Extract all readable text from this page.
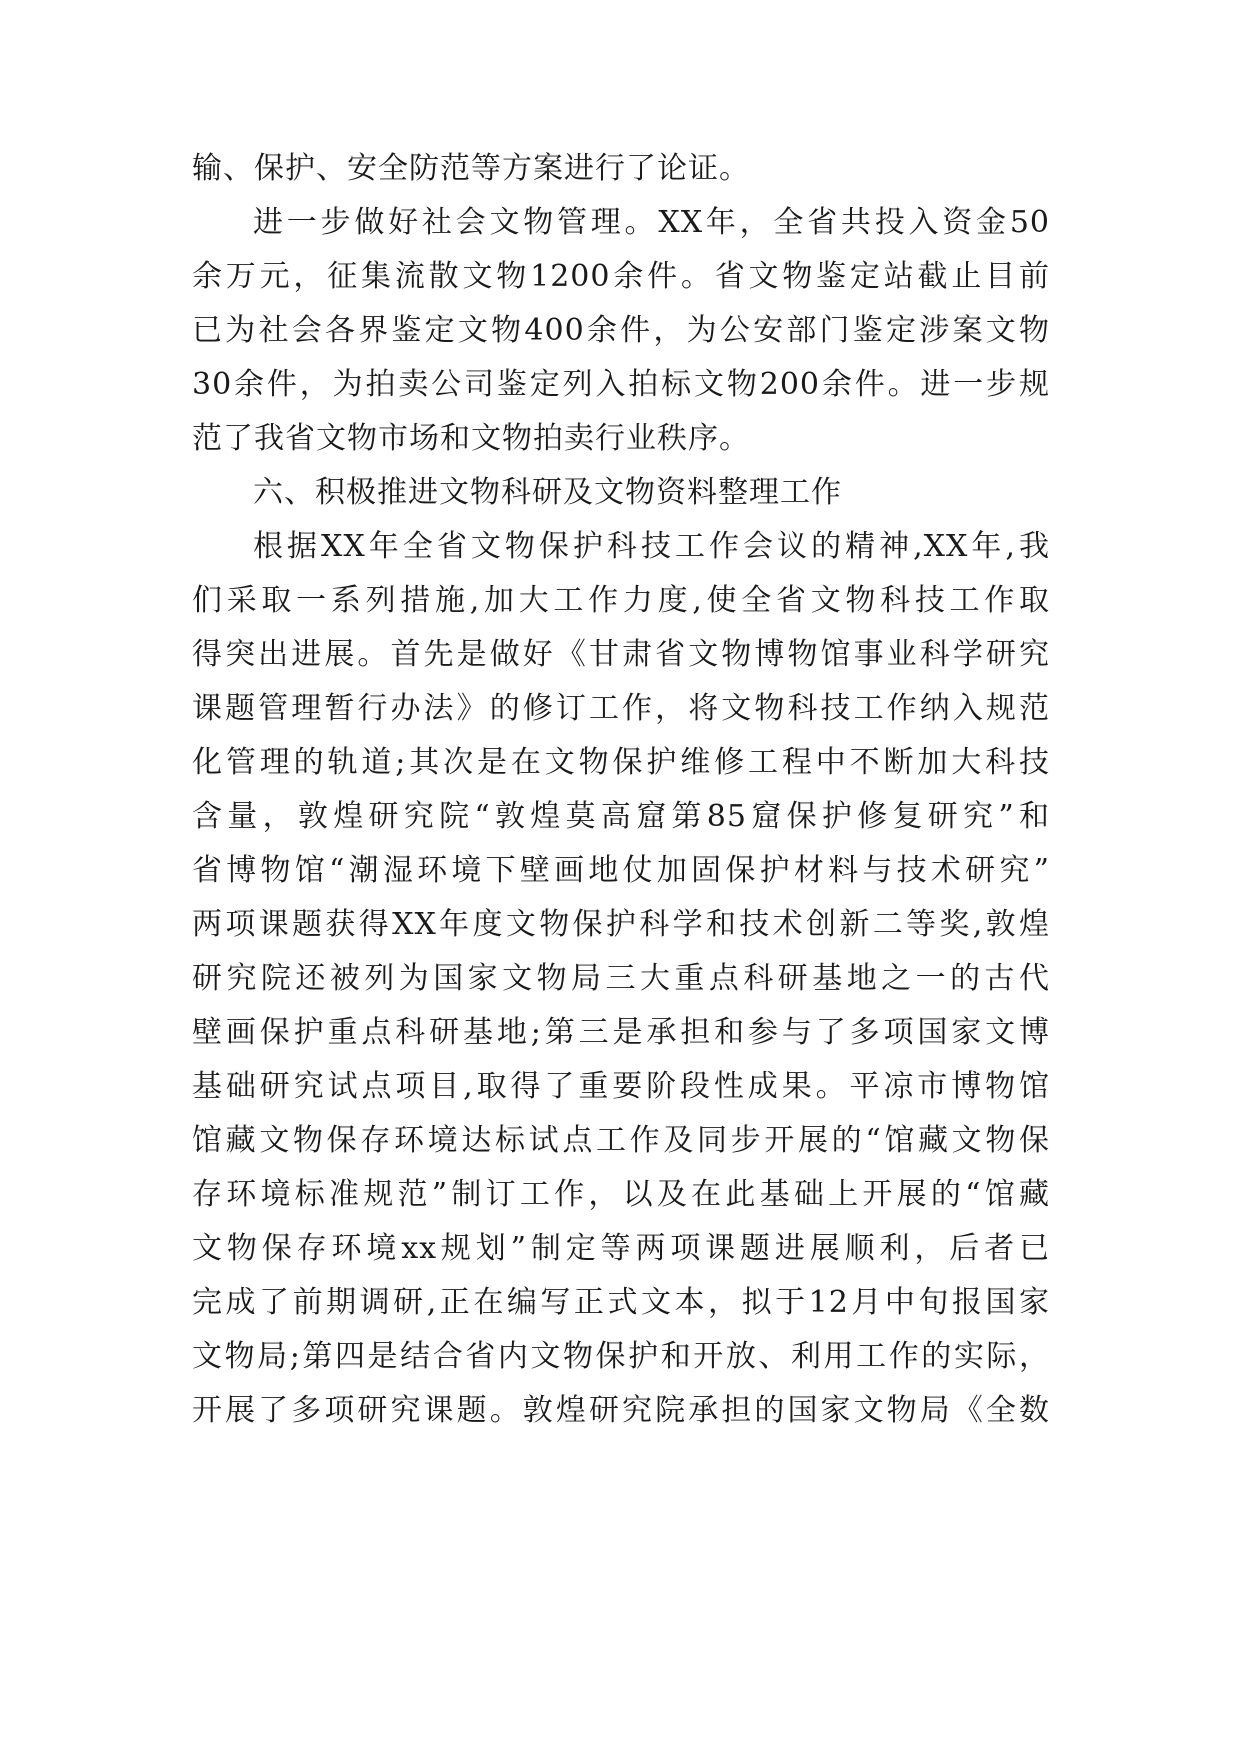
输、保护、安全防范等方案进行了论证。
进一步做好社会文物管理。XX年，全省共投入资金50
余万元，征集流散文物1200余件。省文物鉴定站截止目前
已为社会各界鉴定文物400余件，为公安部门鉴定涉案文物
30余件，为拍卖公司鉴定列入拍标文物200余件。进一步规
范了我省文物市场和文物拍卖行业秩序。
六、积极推进文物科研及文物资料整理工作
根据XX年全省文物保护科技工作会议的精神,XX年,我
们采取一系列措施,加大工作力度,使全省文物科技工作取
得突出进展。首先是做好《甘肃省文物博物馆事业科学研究
课题管理暂行办法》的修订工作，将文物科技工作纳入规范
化管理的轨道;其次是在文物保护维修工程中不断加大科技
含量，敦煌研究院“敦煌莫高窟第85窟保护修复研究”和
省博物馆“潮湿环境下壁画地仗加固保护材料与技术研究”
两项课题获得XX年度文物保护科学和技术创新二等奖,敦煌
研究院还被列为国家文物局三大重点科研基地之一的古代
壁画保护重点科研基地;第三是承担和参与了多项国家文博
基础研究试点项目,取得了重要阶段性成果。平凉市博物馆
馆藏文物保存环境达标试点工作及同步开展的“馆藏文物保
存环境标准规范”制订工作，以及在此基础上开展的“馆藏
文物保存环境xx规划”制定等两项课题进展顺利，后者已
完成了前期调研,正在编写正式文本，拟于12月中旬报国家
文物局;第四是结合省内文物保护和开放、利用工作的实际，
开展了多项研究课题。敦煌研究院承担的国家文物局《全数
